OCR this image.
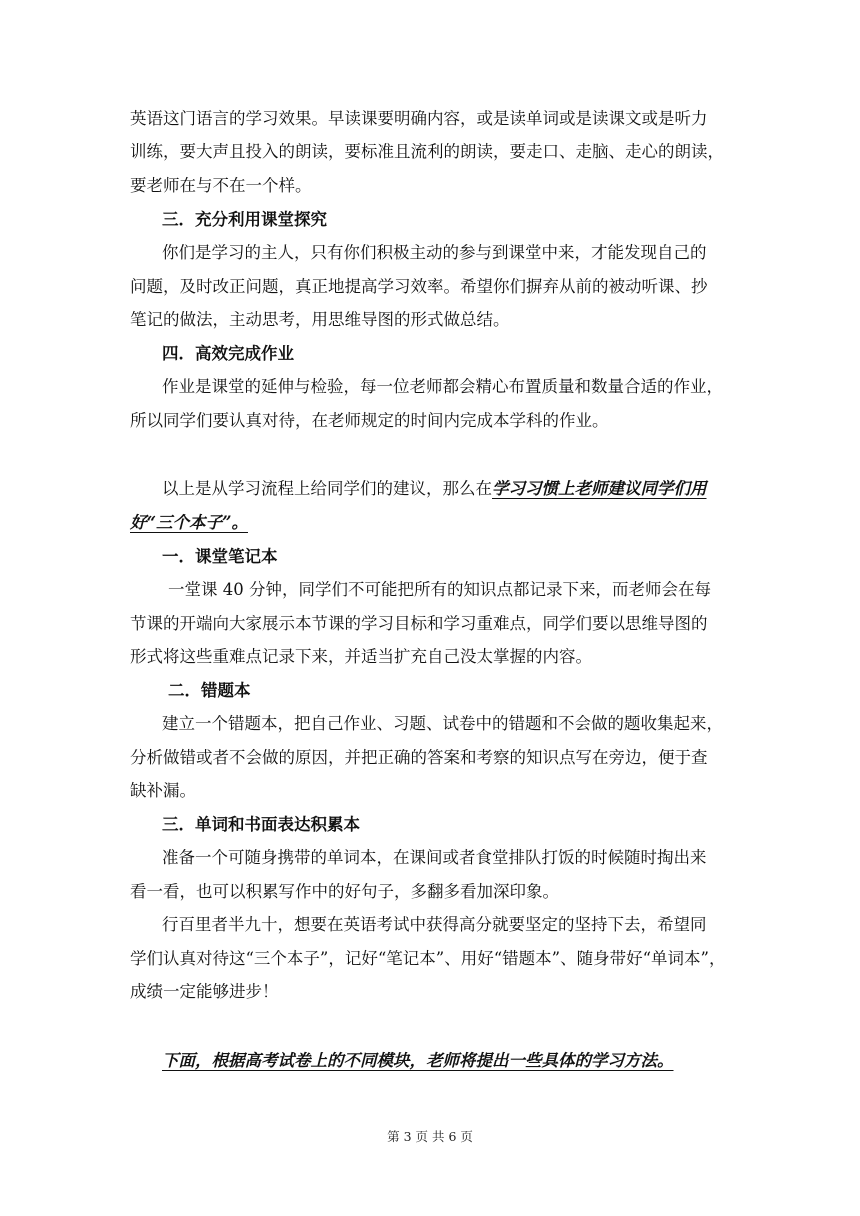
英语这门语言的学习效果。早读课要明确内容，或是读单词或是读课文或是听力
训练，要大声且投入的朗读，要标准且流利的朗读，要走口、走脑、走心的朗读，
要老师在与不在一个样。
三．充分利用课堂探究
你们是学习的主人，只有你们积极主动的参与到课堂中来，才能发现自己的
问题，及时改正问题，真正地提高学习效率。希望你们摒弃从前的被动听课、抄
笔记的做法，主动思考，用思维导图的形式做总结。
四．高效完成作业
作业是课堂的延伸与检验，每一位老师都会精心布置质量和数量合适的作业，
所以同学们要认真对待，在老师规定的时间内完成本学科的作业。
以上是从学习流程上给同学们的建议，那么在学习习惯上老师建议同学们用
好“三个本子”。
一．课堂笔记本
一堂课 40 分钟，同学们不可能把所有的知识点都记录下来，而老师会在每
节课的开端向大家展示本节课的学习目标和学习重难点，同学们要以思维导图的
形式将这些重难点记录下来，并适当扩充自己没太掌握的内容。
二．错题本
建立一个错题本，把自己作业、习题、试卷中的错题和不会做的题收集起来，
分析做错或者不会做的原因，并把正确的答案和考察的知识点写在旁边，便于查
缺补漏。
三．单词和书面表达积累本
准备一个可随身携带的单词本，在课间或者食堂排队打饭的时候随时掏出来
看一看，也可以积累写作中的好句子，多翻多看加深印象。
行百里者半九十，想要在英语考试中获得高分就要坚定的坚持下去，希望同
学们认真对待这“三个本子”，记好“笔记本”、用好“错题本”、随身带好“单词本”，
成绩一定能够进步！
下面，根据高考试卷上的不同模块，老师将提出一些具体的学习方法。
第 3 页 共 6 页
